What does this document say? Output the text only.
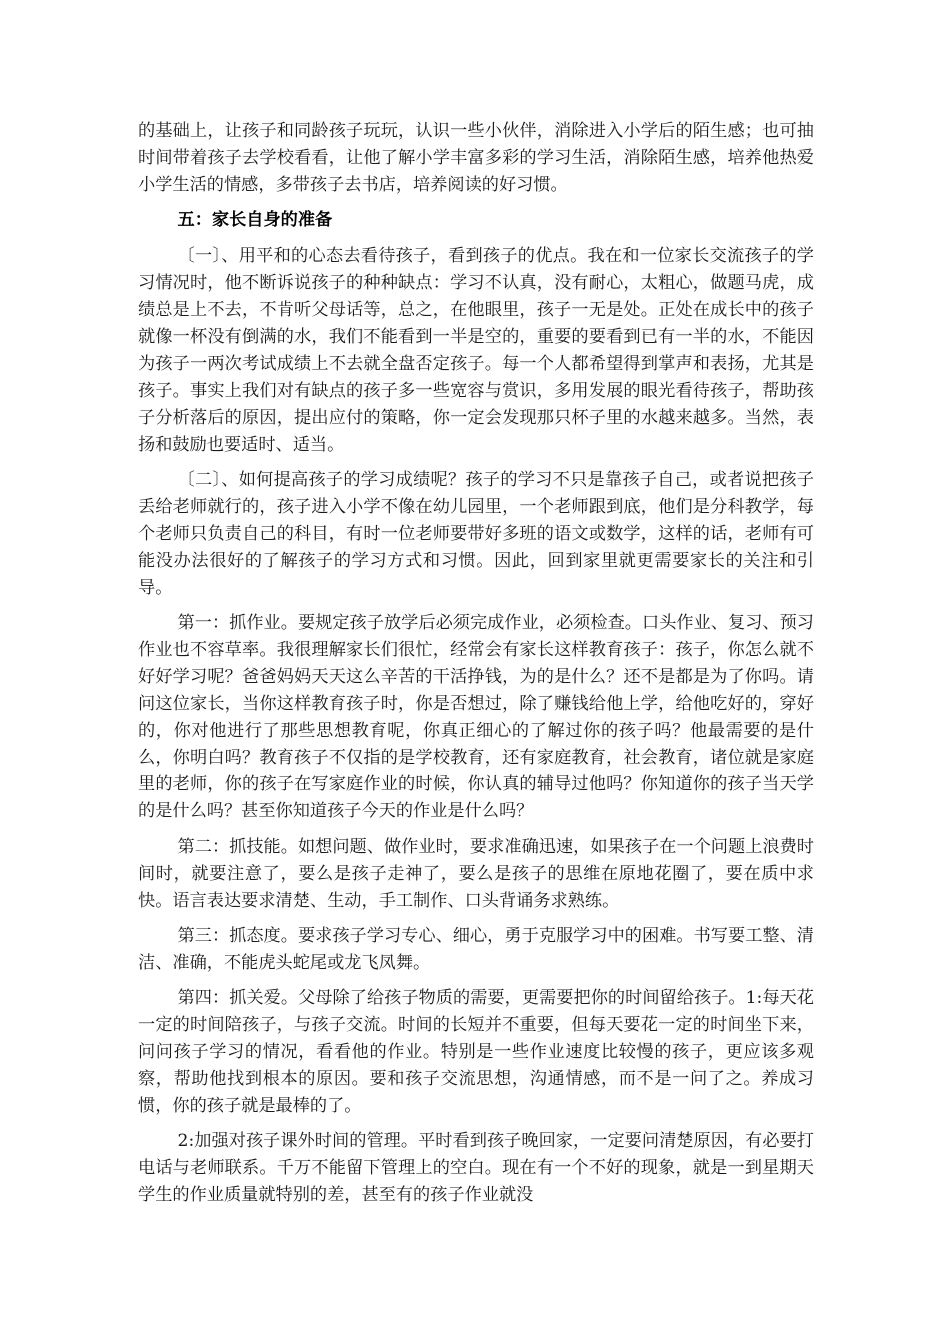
的基础上，让孩子和同龄孩子玩玩，认识一些小伙伴，消除进入小学后的陌生感；也可抽时间带着孩子去学校看看，让他了解小学丰富多彩的学习生活，消除陌生感，培养他热爱小学生活的情感，多带孩子去书店，培养阅读的好习惯。

五：家长自身的准备

〔一〕、用平和的心态去看待孩子，看到孩子的优点。我在和一位家长交流孩子的学习情况时，他不断诉说孩子的种种缺点：学习不认真，没有耐心，太粗心，做题马虎，成绩总是上不去，不肯听父母话等，总之，在他眼里，孩子一无是处。正处在成长中的孩子就像一杯没有倒满的水，我们不能看到一半是空的，重要的要看到已有一半的水，不能因为孩子一两次考试成绩上不去就全盘否定孩子。每一个人都希望得到掌声和表扬，尤其是孩子。事实上我们对有缺点的孩子多一些宽容与赏识，多用发展的眼光看待孩子，帮助孩子分析落后的原因，提出应付的策略，你一定会发现那只杯子里的水越来越多。当然，表扬和鼓励也要适时、适当。

〔二〕、如何提高孩子的学习成绩呢？孩子的学习不只是靠孩子自己，或者说把孩子丢给老师就行的，孩子进入小学不像在幼儿园里，一个老师跟到底，他们是分科教学，每个老师只负责自己的科目，有时一位老师要带好多班的语文或数学，这样的话，老师有可能没办法很好的了解孩子的学习方式和习惯。因此，回到家里就更需要家长的关注和引导。

第一：抓作业。要规定孩子放学后必须完成作业，必须检查。口头作业、复习、预习作业也不容草率。我很理解家长们很忙，经常会有家长这样教育孩子：孩子，你怎么就不好好学习呢？爸爸妈妈天天这么辛苦的干活挣钱，为的是什么？还不是都是为了你吗。请问这位家长，当你这样教育孩子时，你是否想过，除了赚钱给他上学，给他吃好的，穿好的，你对他进行了那些思想教育呢，你真正细心的了解过你的孩子吗？他最需要的是什么，你明白吗？教育孩子不仅指的是学校教育，还有家庭教育，社会教育，诸位就是家庭里的老师，你的孩子在写家庭作业的时候，你认真的辅导过他吗？你知道你的孩子当天学的是什么吗？甚至你知道孩子今天的作业是什么吗？

第二：抓技能。如想问题、做作业时，要求准确迅速，如果孩子在一个问题上浪费时间时，就要注意了，要么是孩子走神了，要么是孩子的思维在原地花圈了，要在质中求快。语言表达要求清楚、生动，手工制作、口头背诵务求熟练。

第三：抓态度。要求孩子学习专心、细心，勇于克服学习中的困难。书写要工整、清洁、准确，不能虎头蛇尾或龙飞凤舞。

第四：抓关爱。父母除了给孩子物质的需要，更需要把你的时间留给孩子。1:每天花一定的时间陪孩子，与孩子交流。时间的长短并不重要，但每天要花一定的时间坐下来，问问孩子学习的情况，看看他的作业。特别是一些作业速度比较慢的孩子，更应该多观察，帮助他找到根本的原因。要和孩子交流思想，沟通情感，而不是一问了之。养成习惯，你的孩子就是最棒的了。

2:加强对孩子课外时间的管理。平时看到孩子晚回家，一定要问清楚原因，有必要打电话与老师联系。千万不能留下管理上的空白。现在有一个不好的现象，就是一到星期天学生的作业质量就特别的差，甚至有的孩子作业就没
